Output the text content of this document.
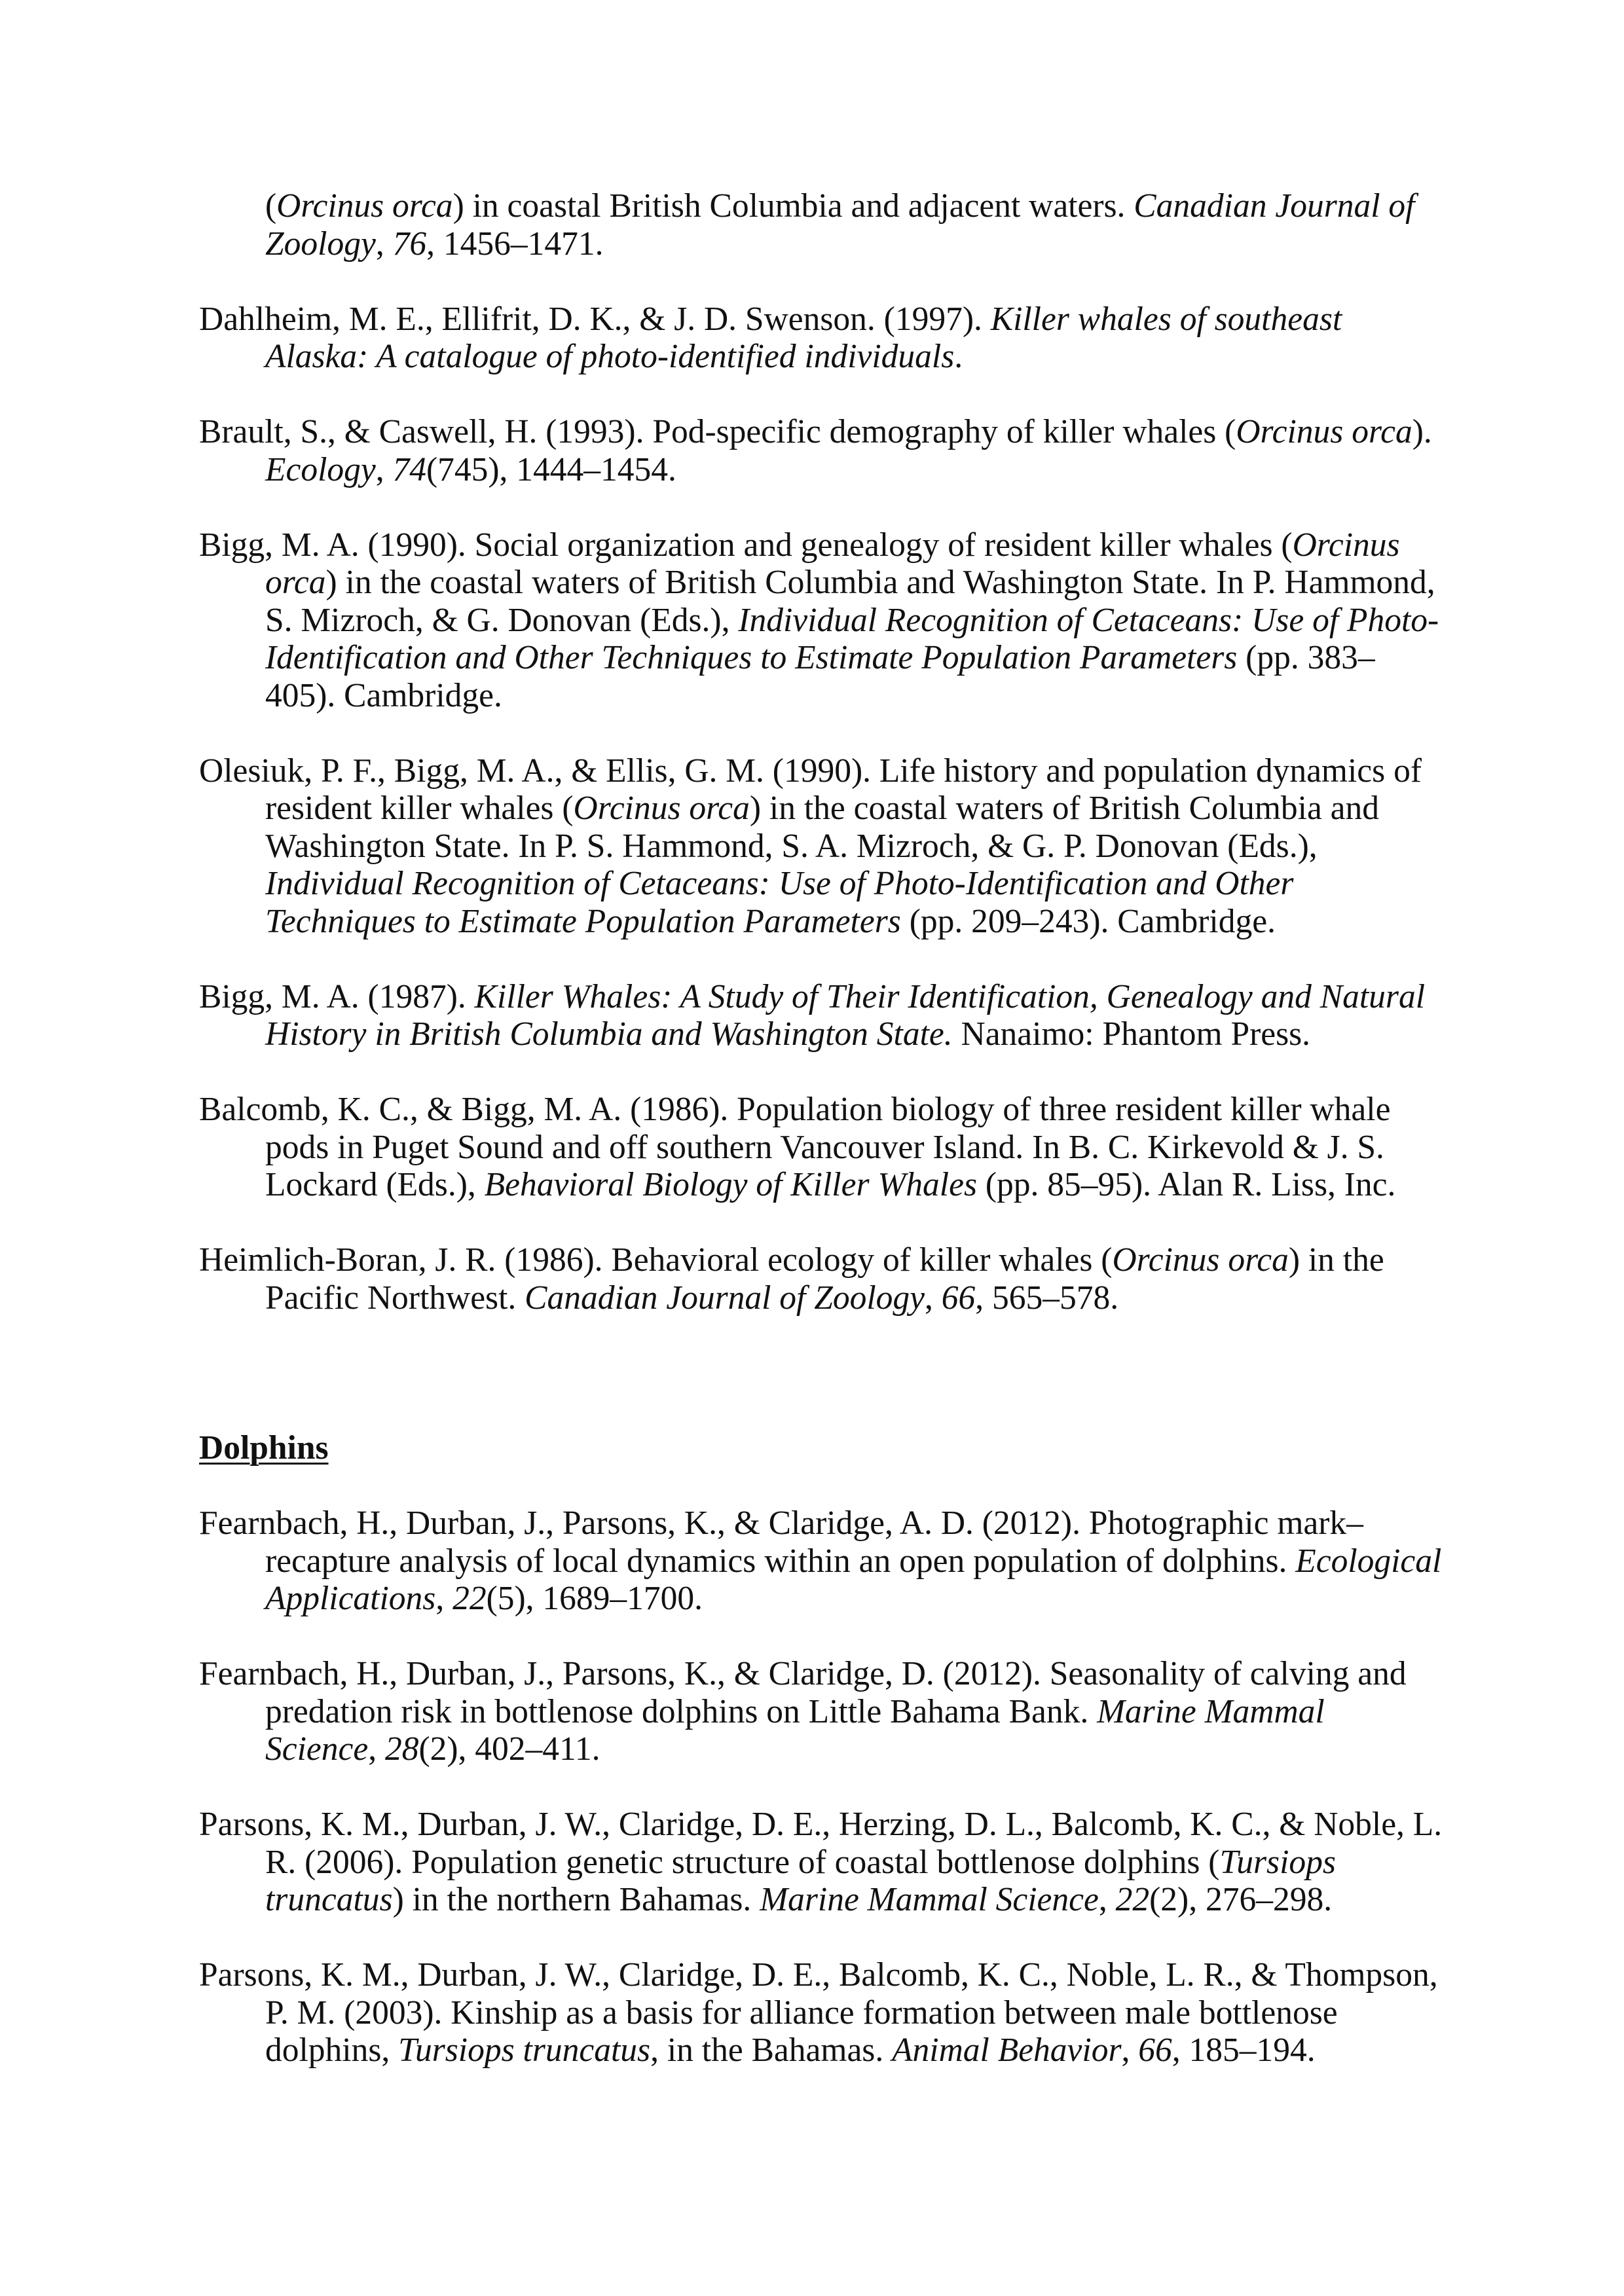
(Orcinus orca) in coastal British Columbia and adjacent waters. Canadian Journal of Zoology, 76, 1456–1471.
Dahlheim, M. E., Ellifrit, D. K., & J. D. Swenson. (1997). Killer whales of southeast Alaska: A catalogue of photo-identified individuals.
Brault, S., & Caswell, H. (1993). Pod-specific demography of killer whales (Orcinus orca). Ecology, 74(745), 1444–1454.
Bigg, M. A. (1990). Social organization and genealogy of resident killer whales (Orcinus orca) in the coastal waters of British Columbia and Washington State. In P. Hammond, S. Mizroch, & G. Donovan (Eds.), Individual Recognition of Cetaceans: Use of Photo-Identification and Other Techniques to Estimate Population Parameters (pp. 383–405). Cambridge.
Olesiuk, P. F., Bigg, M. A., & Ellis, G. M. (1990). Life history and population dynamics of resident killer whales (Orcinus orca) in the coastal waters of British Columbia and Washington State. In P. S. Hammond, S. A. Mizroch, & G. P. Donovan (Eds.), Individual Recognition of Cetaceans: Use of Photo-Identification and Other Techniques to Estimate Population Parameters (pp. 209–243). Cambridge.
Bigg, M. A. (1987). Killer Whales: A Study of Their Identification, Genealogy and Natural History in British Columbia and Washington State. Nanaimo: Phantom Press.
Balcomb, K. C., & Bigg, M. A. (1986). Population biology of three resident killer whale pods in Puget Sound and off southern Vancouver Island. In B. C. Kirkevold & J. S. Lockard (Eds.), Behavioral Biology of Killer Whales (pp. 85–95). Alan R. Liss, Inc.
Heimlich-Boran, J. R. (1986). Behavioral ecology of killer whales (Orcinus orca) in the Pacific Northwest. Canadian Journal of Zoology, 66, 565–578.
Dolphins
Fearnbach, H., Durban, J., Parsons, K., & Claridge, A. D. (2012). Photographic mark–recapture analysis of local dynamics within an open population of dolphins. Ecological Applications, 22(5), 1689–1700.
Fearnbach, H., Durban, J., Parsons, K., & Claridge, D. (2012). Seasonality of calving and predation risk in bottlenose dolphins on Little Bahama Bank. Marine Mammal Science, 28(2), 402–411.
Parsons, K. M., Durban, J. W., Claridge, D. E., Herzing, D. L., Balcomb, K. C., & Noble, L. R. (2006). Population genetic structure of coastal bottlenose dolphins (Tursiops truncatus) in the northern Bahamas. Marine Mammal Science, 22(2), 276–298.
Parsons, K. M., Durban, J. W., Claridge, D. E., Balcomb, K. C., Noble, L. R., & Thompson, P. M. (2003). Kinship as a basis for alliance formation between male bottlenose dolphins, Tursiops truncatus, in the Bahamas. Animal Behavior, 66, 185–194.
